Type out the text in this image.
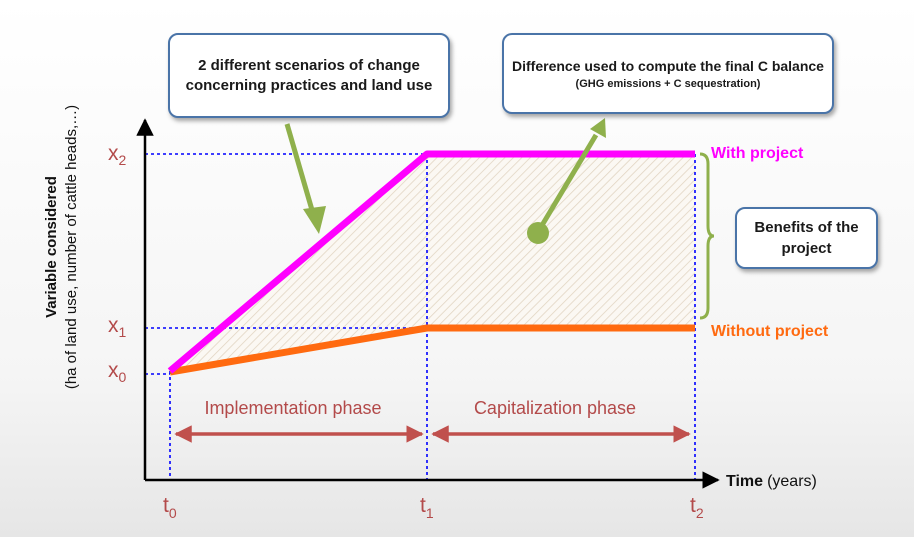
With project
Without project
Implementation phase	Capitalization phase
$x_2$
$x_1$
$x_0$
$t_0$	$t_1$	$t_2$
Time (years)
Variable considered (ha of land use, number of cattle heads,…)
2 different scenarios of change concerning practices and land use
Difference used to compute the final C balance
(GHG emissions + C sequestration)
Benefits of the project
